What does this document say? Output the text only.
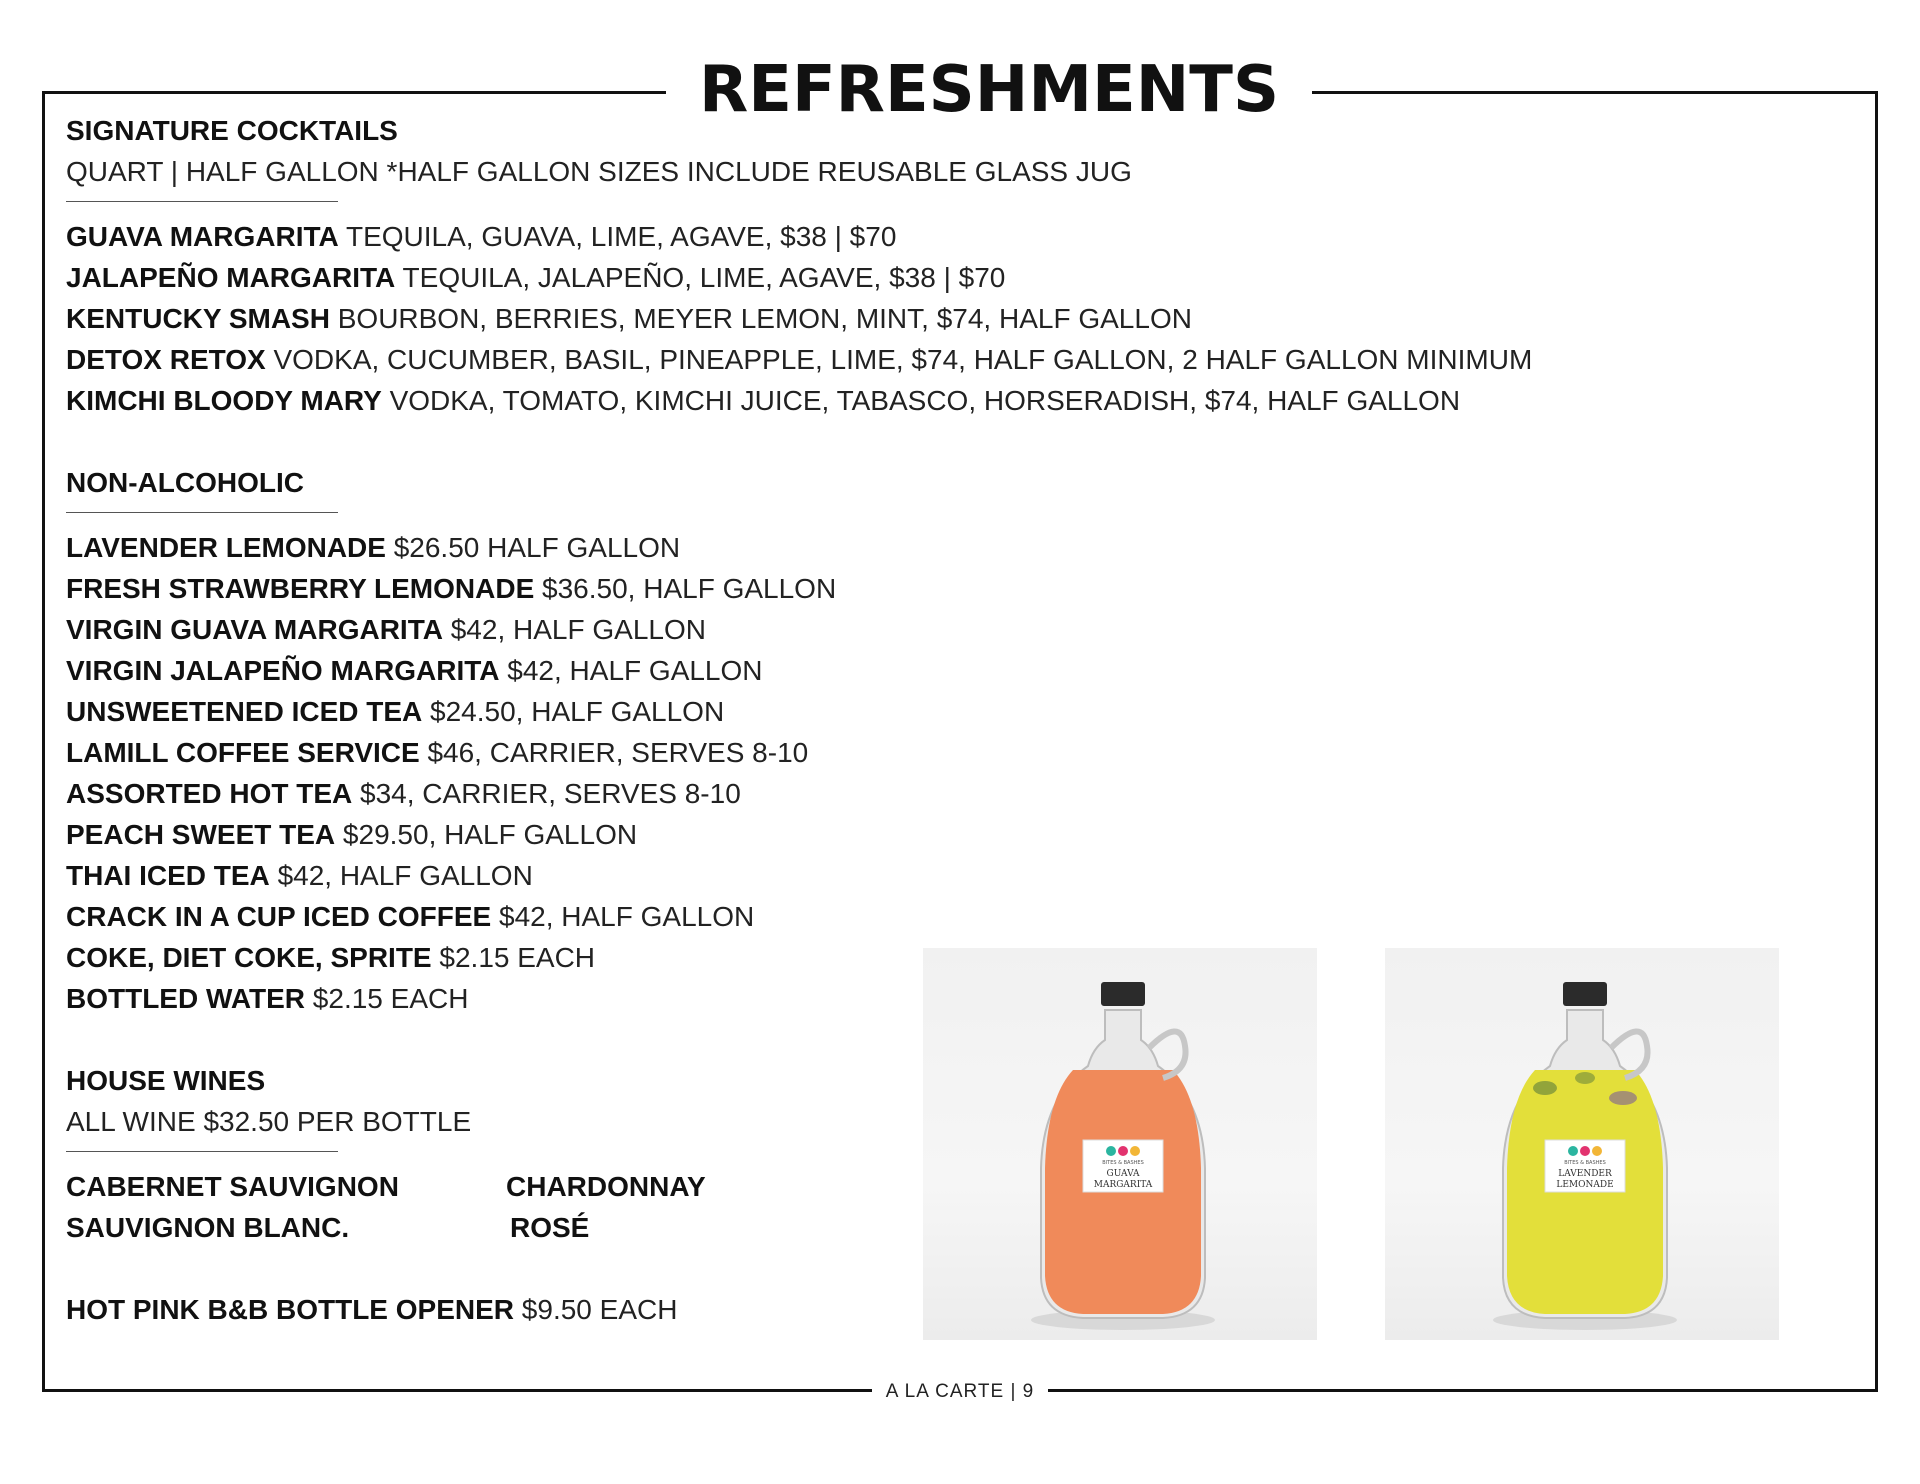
REFRESHMENTS
SIGNATURE COCKTAILS
QUART | HALF GALLON *HALF GALLON SIZES INCLUDE REUSABLE GLASS JUG
GUAVA MARGARITA TEQUILA, GUAVA, LIME, AGAVE, $38 | $70
JALAPEÑO MARGARITA TEQUILA, JALAPEÑO, LIME, AGAVE, $38 | $70
KENTUCKY SMASH BOURBON, BERRIES, MEYER LEMON, MINT, $74, HALF GALLON
DETOX RETOX VODKA, CUCUMBER, BASIL, PINEAPPLE, LIME, $74, HALF GALLON, 2 HALF GALLON MINIMUM
KIMCHI BLOODY MARY VODKA, TOMATO, KIMCHI JUICE, TABASCO, HORSERADISH, $74, HALF GALLON
NON-ALCOHOLIC
LAVENDER LEMONADE $26.50 HALF GALLON
FRESH STRAWBERRY LEMONADE $36.50, HALF GALLON
VIRGIN GUAVA MARGARITA $42, HALF GALLON
VIRGIN JALAPEÑO MARGARITA $42, HALF GALLON
UNSWEETENED ICED TEA $24.50, HALF GALLON
LAMILL COFFEE SERVICE $46, CARRIER, SERVES 8-10
ASSORTED HOT TEA $34, CARRIER, SERVES 8-10
PEACH SWEET TEA $29.50, HALF GALLON
THAI ICED TEA $42, HALF GALLON
CRACK IN A CUP ICED COFFEE $42, HALF GALLON
COKE, DIET COKE, SPRITE $2.15 EACH
BOTTLED WATER $2.15 EACH
HOUSE WINES
ALL WINE $32.50 PER BOTTLE
CABERNET SAUVIGNON	CHARDONNAY
SAUVIGNON BLANC.	ROSÉ
HOT PINK B&B BOTTLE OPENER $9.50 EACH
BITES & BASHES
GUAVA
MARGARITA
BITES & BASHES
LAVENDER
LEMONADE
A LA CARTE | 9
